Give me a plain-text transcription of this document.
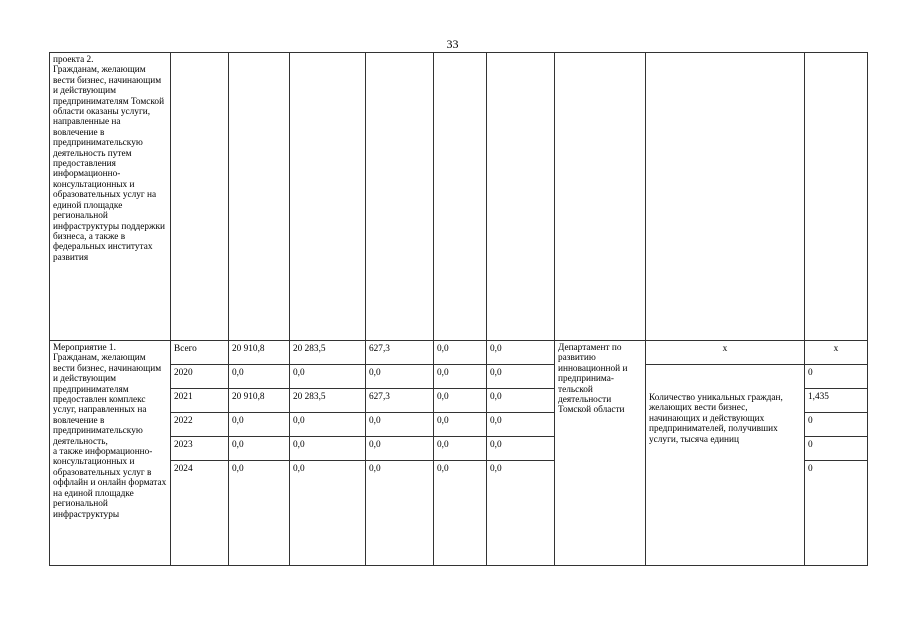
33
проекта 2.
Гражданам, желающим вести бизнес, начинающим и действующим предпринимателям Томской области оказаны услуги, направленные на вовлечение в предпринимательскую деятельность путем предоставления информационно-консультационных и образовательных услуг на единой площадке региональной инфраструктуры поддержки бизнеса, а также в федеральных институтах развития									

Мероприятие 1.
Гражданам, желающим вести бизнес, начинающим и действующим предпринимателям предоставлен комплекс услуг, направленных на вовлечение в предпринимательскую деятельность,
а также информационно-консультационных и образовательных услуг в оффлайн и онлайн форматах на единой площадке региональной инфраструктуры	Всего	20 910,8	20 283,5	627,3	0,0	0,0	Департамент по развитию инновационной и предпринима-тельской деятельности Томской области	х	х
	2020	0,0	0,0	0,0	0,0	0,0		Количество уникальных граждан, желающих вести бизнес, начинающих и действующих предпринимателей, получивших услуги, тысяча единиц	0
	2021	20 910,8	20 283,5	627,3	0,0	0,0			1,435
	2022	0,0	0,0	0,0	0,0	0,0			0
	2023	0,0	0,0	0,0	0,0	0,0			0
	2024	0,0	0,0	0,0	0,0	0,0			0
